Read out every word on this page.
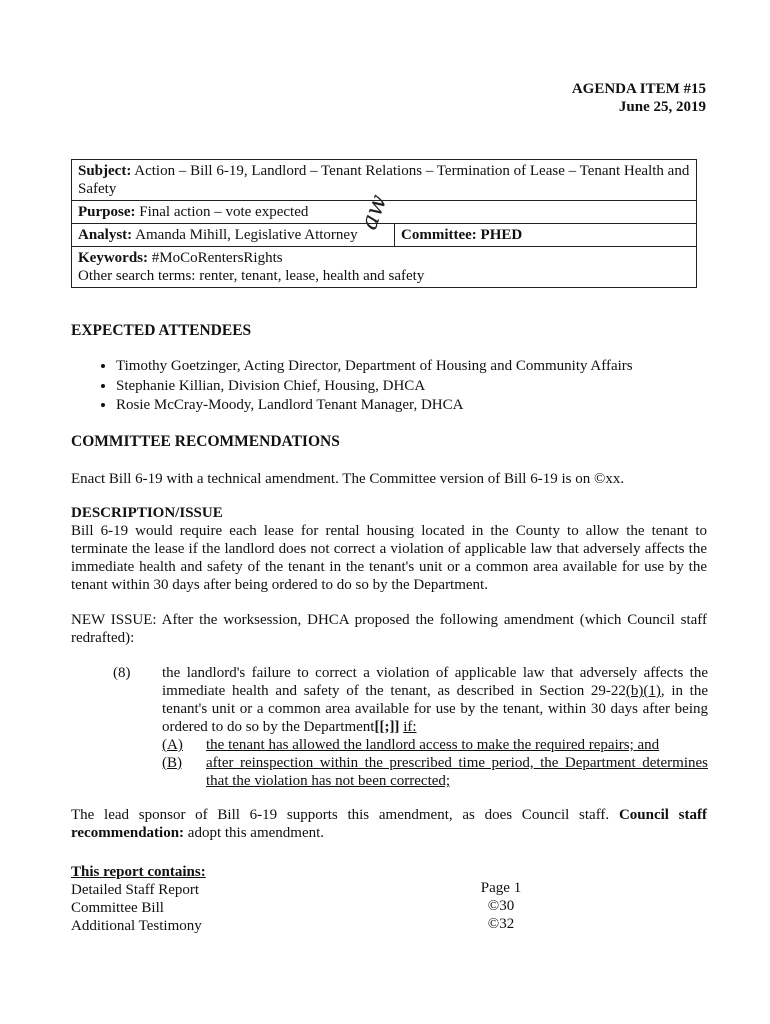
AGENDA ITEM #15
June 25, 2019
Subject: Action – Bill 6-19, Landlord – Tenant Relations – Termination of Lease – Tenant Health and Safety
Purpose: Final action – vote expected
Analyst: Amanda Mihill, Legislative Attorney	Committee: PHED
Keywords: #MoCoRentersRights
Other search terms: renter, tenant, lease, health and safety
aw
EXPECTED ATTENDEES
• Timothy Goetzinger, Acting Director, Department of Housing and Community Affairs
• Stephanie Killian, Division Chief, Housing, DHCA
• Rosie McCray-Moody, Landlord Tenant Manager, DHCA
COMMITTEE RECOMMENDATIONS
Enact Bill 6-19 with a technical amendment. The Committee version of Bill 6-19 is on ©xx.
DESCRIPTION/ISSUE
Bill 6-19 would require each lease for rental housing located in the County to allow the tenant to terminate the lease if the landlord does not correct a violation of applicable law that adversely affects the immediate health and safety of the tenant in the tenant's unit or a common area available for use by the tenant within 30 days after being ordered to do so by the Department.
NEW ISSUE: After the worksession, DHCA proposed the following amendment (which Council staff redrafted):
(8) the landlord's failure to correct a violation of applicable law that adversely affects the immediate health and safety of the tenant, as described in Section 29-22(b)(1), in the tenant's unit or a common area available for use by the tenant, within 30 days after being ordered to do so by the Department[[;]] if:
(A) the tenant has allowed the landlord access to make the required repairs; and
(B)	after reinspection within the prescribed time period, the Department determines that the violation has not been corrected;
The lead sponsor of Bill 6-19 supports this amendment, as does Council staff. Council staff recommendation: adopt this amendment.
This report contains:
Detailed Staff Report
Committee Bill
Additional Testimony
Page 1
©30
©32
